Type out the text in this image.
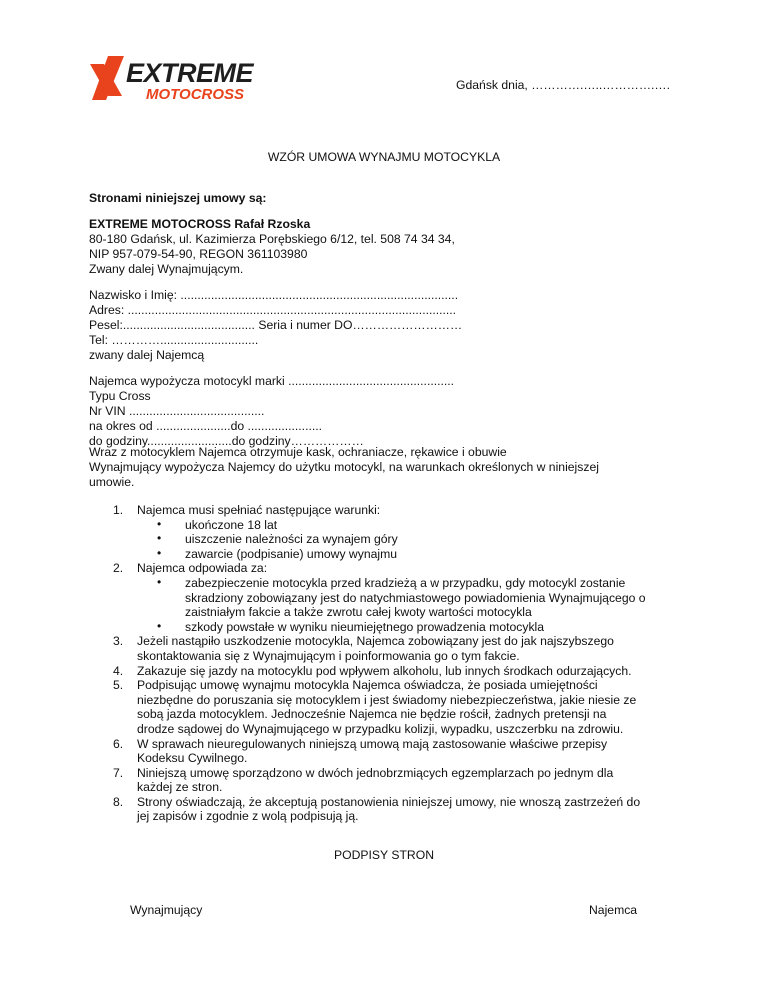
EXTREME
MOTOCROSS
Gdańsk dnia, ………….…..………….….
WZÓR UMOWA WYNAJMU MOTOCYKLA
Stronami niniejszej umowy są:
EXTREME MOTOCROSS Rafał Rzoska
80-180 Gdańsk, ul. Kazimierza Porębskiego 6/12, tel. 508 74 34 34,
NIP 957-079-54-90, REGON 361103980
Zwany dalej Wynajmującym.
Nazwisko i Imię: ..................................................................................
Adres: .................................................................................................
Pesel:....................................... Seria i numer DO………………………
Tel: ………….............................
zwany dalej Najemcą
Najemca wypożycza motocykl marki .................................................
Typu Cross
Nr VIN ........................................
na okres od ......................do ......................
do godziny.........................do godziny………………
Wraz z motocyklem Najemca otrzymuje kask, ochraniacze, rękawice i obuwie
Wynajmujący wypożycza Najemcy do użytku motocykl, na warunkach określonych w niniejszej
umowie.
1. Najemca musi spełniać następujące warunki:
• ukończone 18 lat
• uiszczenie należności za wynajem góry
• zawarcie (podpisanie) umowy wynajmu
2. Najemca odpowiada za:
• zabezpieczenie motocykla przed kradzieżą a w przypadku, gdy motocykl zostanie
skradziony zobowiązany jest do natychmiastowego powiadomienia Wynajmującego o
zaistniałym fakcie a także zwrotu całej kwoty wartości motocykla
• szkody powstałe w wyniku nieumiejętnego prowadzenia motocykla
3. Jeżeli nastąpiło uszkodzenie motocykla, Najemca zobowiązany jest do jak najszybszego
skontaktowania się z Wynajmującym i poinformowania go o tym fakcie.
4. Zakazuje się jazdy na motocyklu pod wpływem alkoholu, lub innych środkach odurzających.
5. Podpisując umowę wynajmu motocykla Najemca oświadcza, że posiada umiejętności
niezbędne do poruszania się motocyklem i jest świadomy niebezpieczeństwa, jakie niesie ze
sobą jazda motocyklem. Jednocześnie Najemca nie będzie rościł, żadnych pretensji na
drodze sądowej do Wynajmującego w przypadku kolizji, wypadku, uszczerbku na zdrowiu.
6. W sprawach nieuregulowanych niniejszą umową mają zastosowanie właściwe przepisy
Kodeksu Cywilnego.
7. Niniejszą umowę sporządzono w dwóch jednobrzmiących egzemplarzach po jednym dla
każdej ze stron.
8. Strony oświadczają, że akceptują postanowienia niniejszej umowy, nie wnoszą zastrzeżeń do
jej zapisów i zgodnie z wolą podpisują ją.
PODPISY STRON
Wynajmujący	Najemca
